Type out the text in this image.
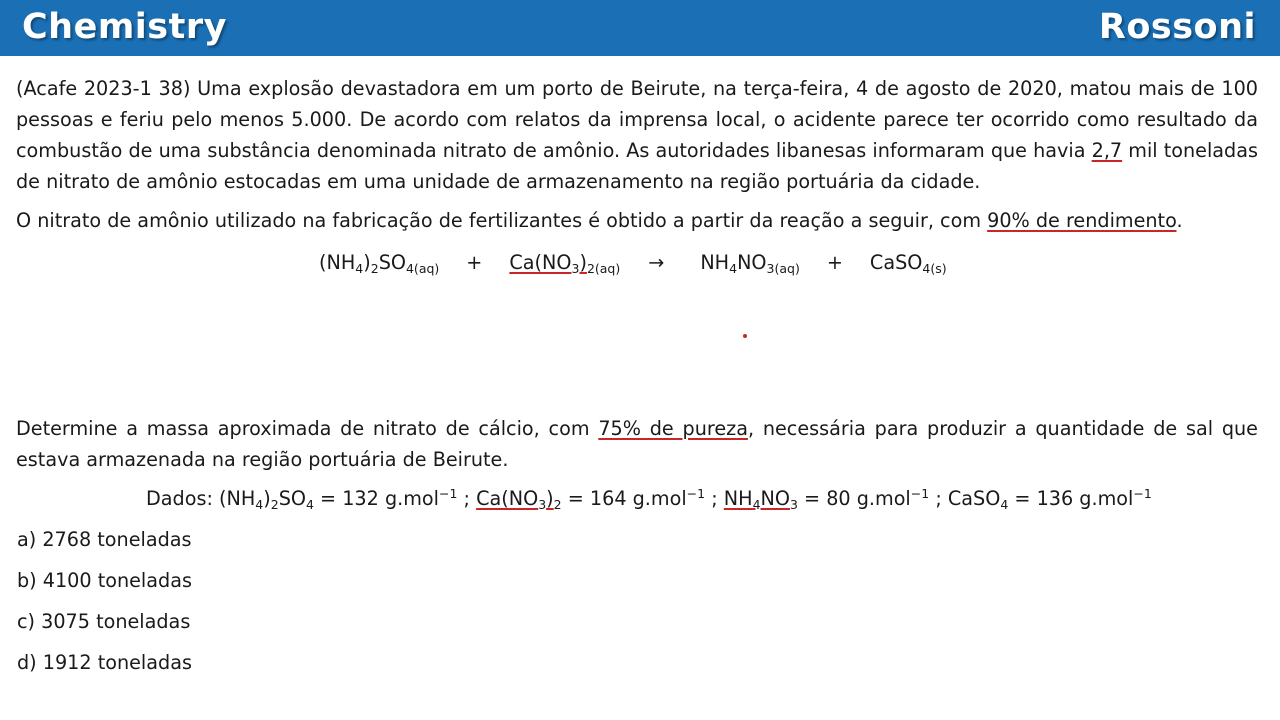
Chemistry	Rossoni

(Acafe 2023-1 38) Uma explosão devastadora em um porto de Beirute, na terça-feira, 4 de agosto de 2020, matou mais de 100 pessoas e feriu pelo menos 5.000. De acordo com relatos da imprensa local, o acidente parece ter ocorrido como resultado da combustão de uma substância denominada nitrato de amônio. As autoridades libanesas informaram que havia 2,7 mil toneladas de nitrato de amônio estocadas em uma unidade de armazenamento na região portuária da cidade.

O nitrato de amônio utilizado na fabricação de fertilizantes é obtido a partir da reação a seguir, com 90% de rendimento.

$(NH_4)_2SO_{4(aq)} + Ca(NO_3)_{2(aq)} \to NH_4NO_{3(aq)}$ + CaSO$_{4(s)}$

Determine a massa aproximada de nitrato de cálcio, com 75% de pureza, necessária para produzir a quantidade de sal que estava armazenada na região portuária de Beirute.

Dados: $(NH_4)_2SO_4 = 132$ g.mol$^{-1}$ ; $Ca(NO_3)_2 = 164$ g.mol$^{-1}$ ; $NH_4NO_3 = 80$ g.mol$^{-1}$ ; CaSO$_4$ = 136 g.mol$^{-1}$
a) 2768 toneladas
b) 4100 toneladas
c) 3075 toneladas
d) 1912 toneladas
